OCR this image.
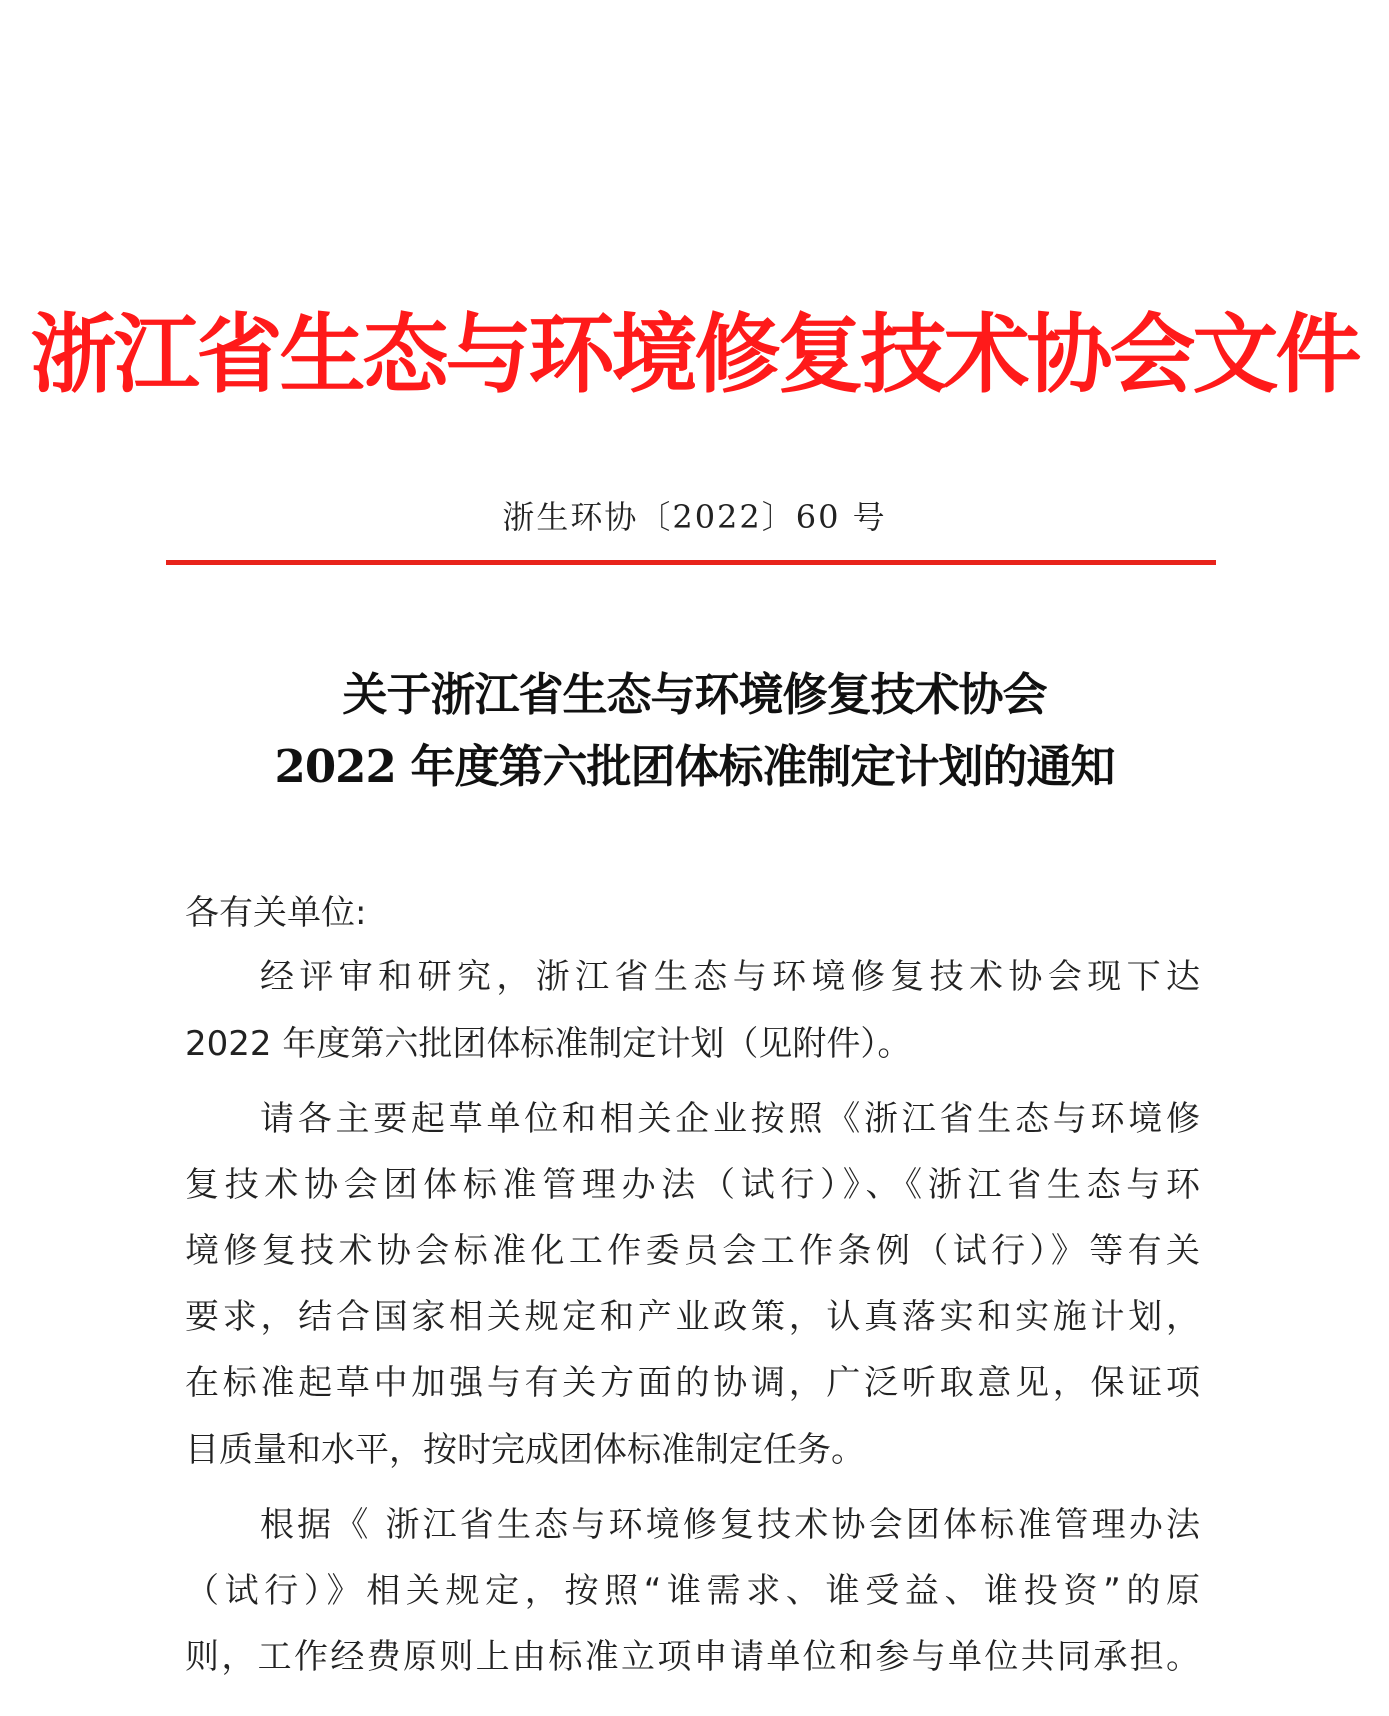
浙江省生态与环境修复技术协会文件
浙生环协〔2022〕60 号
关于浙江省生态与环境修复技术协会
2022 年度第六批团体标准制定计划的通知
各有关单位:
经评审和研究，浙江省生态与环境修复技术协会现下达
2022 年度第六批团体标准制定计划（见附件）。
请各主要起草单位和相关企业按照《浙江省生态与环境修
复技术协会团体标准管理办法（试行）》、《浙江省生态与环
境修复技术协会标准化工作委员会工作条例（试行）》等有关
要求，结合国家相关规定和产业政策，认真落实和实施计划，
在标准起草中加强与有关方面的协调，广泛听取意见，保证项
目质量和水平，按时完成团体标准制定任务。
根据《 浙江省生态与环境修复技术协会团体标准管理办法
（试行）》相关规定，按照“谁需求、谁受益、谁投资”的原
则，工作经费原则上由标准立项申请单位和参与单位共同承担。
